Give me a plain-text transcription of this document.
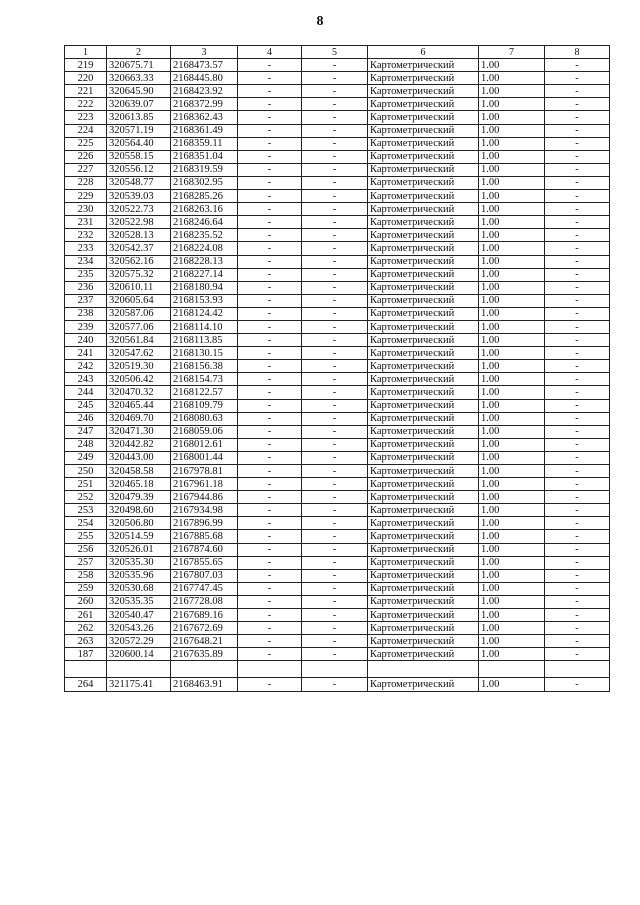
8
1	2	3	4	5	6	7	8
219	320675.71	2168473.57	-	-	Картометрический	1.00	-
220	320663.33	2168445.80	-	-	Картометрический	1.00	-
221	320645.90	2168423.92	-	-	Картометрический	1.00	-
222	320639.07	2168372.99	-	-	Картометрический	1.00	-
223	320613.85	2168362.43	-	-	Картометрический	1.00	-
224	320571.19	2168361.49	-	-	Картометрический	1.00	-
225	320564.40	2168359.11	-	-	Картометрический	1.00	-
226	320558.15	2168351.04	-	-	Картометрический	1.00	-
227	320556.12	2168319.59	-	-	Картометрический	1.00	-
228	320548.77	2168302.95	-	-	Картометрический	1.00	-
229	320539.03	2168285.26	-	-	Картометрический	1.00	-
230	320522.73	2168263.16	-	-	Картометрический	1.00	-
231	320522.98	2168246.64	-	-	Картометрический	1.00	-
232	320528.13	2168235.52	-	-	Картометрический	1.00	-
233	320542.37	2168224.08	-	-	Картометрический	1.00	-
234	320562.16	2168228.13	-	-	Картометрический	1.00	-
235	320575.32	2168227.14	-	-	Картометрический	1.00	-
236	320610.11	2168180.94	-	-	Картометрический	1.00	-
237	320605.64	2168153.93	-	-	Картометрический	1.00	-
238	320587.06	2168124.42	-	-	Картометрический	1.00	-
239	320577.06	2168114.10	-	-	Картометрический	1.00	-
240	320561.84	2168113.85	-	-	Картометрический	1.00	-
241	320547.62	2168130.15	-	-	Картометрический	1.00	-
242	320519.30	2168156.38	-	-	Картометрический	1.00	-
243	320506.42	2168154.73	-	-	Картометрический	1.00	-
244	320470.32	2168122.57	-	-	Картометрический	1.00	-
245	320465.44	2168109.79	-	-	Картометрический	1.00	-
246	320469.70	2168080.63	-	-	Картометрический	1.00	-
247	320471.30	2168059.06	-	-	Картометрический	1.00	-
248	320442.82	2168012.61	-	-	Картометрический	1.00	-
249	320443.00	2168001.44	-	-	Картометрический	1.00	-
250	320458.58	2167978.81	-	-	Картометрический	1.00	-
251	320465.18	2167961.18	-	-	Картометрический	1.00	-
252	320479.39	2167944.86	-	-	Картометрический	1.00	-
253	320498.60	2167934.98	-	-	Картометрический	1.00	-
254	320506.80	2167896.99	-	-	Картометрический	1.00	-
255	320514.59	2167885.68	-	-	Картометрический	1.00	-
256	320526.01	2167874.60	-	-	Картометрический	1.00	-
257	320535.30	2167855.65	-	-	Картометрический	1.00	-
258	320535.96	2167807.03	-	-	Картометрический	1.00	-
259	320530.68	2167747.45	-	-	Картометрический	1.00	-
260	320535.35	2167728.08	-	-	Картометрический	1.00	-
261	320540.47	2167689.16	-	-	Картометрический	1.00	-
262	320543.26	2167672.69	-	-	Картометрический	1.00	-
263	320572.29	2167648.21	-	-	Картометрический	1.00	-
187	320600.14	2167635.89	-	-	Картометрический	1.00	-

264	321175.41	2168463.91	-	-	Картометрический	1.00	-
